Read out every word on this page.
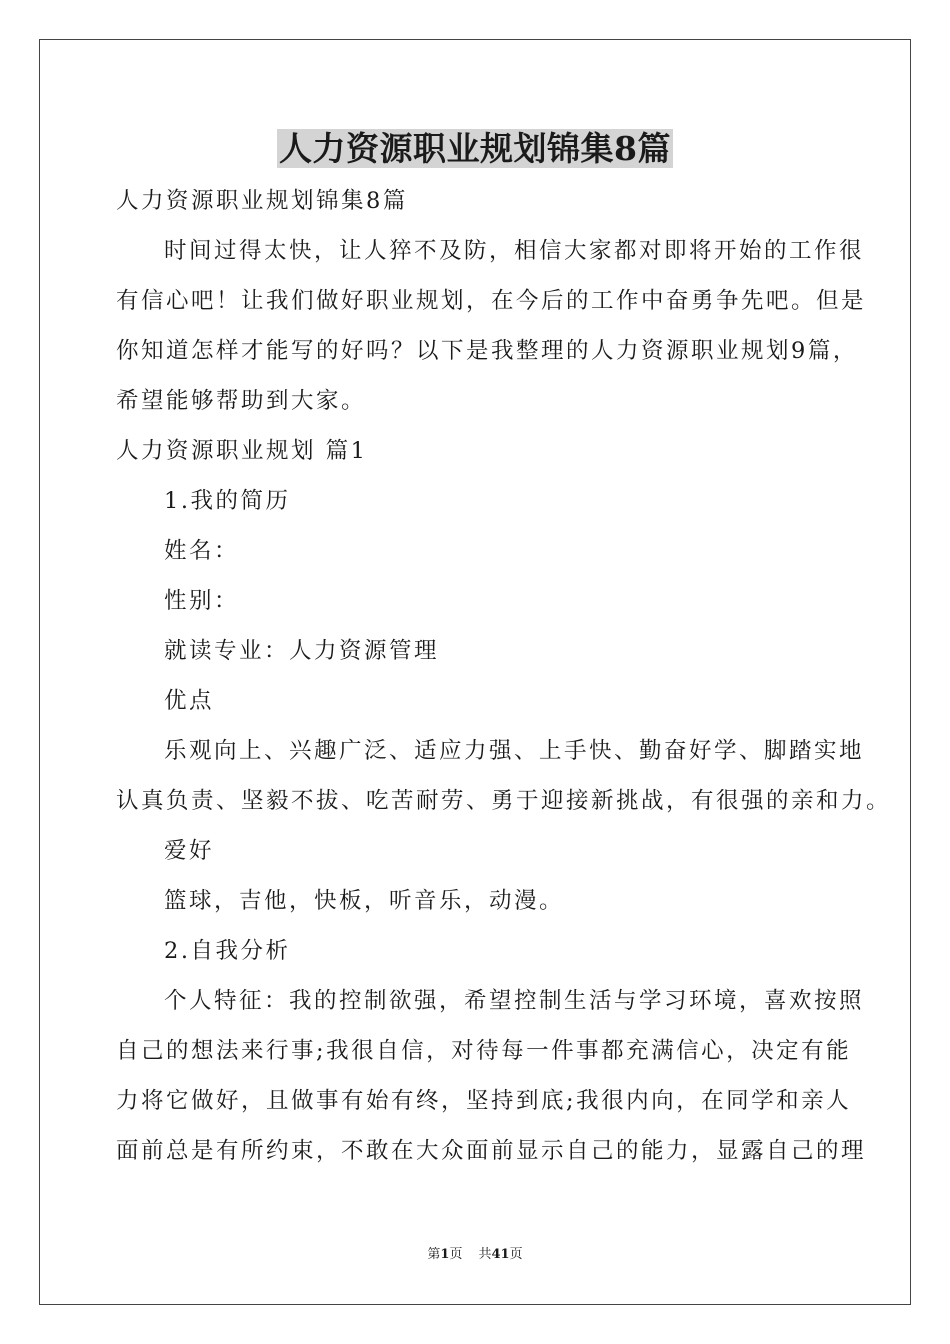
人力资源职业规划锦集8篇
人力资源职业规划锦集8篇
时间过得太快，让人猝不及防，相信大家都对即将开始的工作很
有信心吧！让我们做好职业规划，在今后的工作中奋勇争先吧。但是
你知道怎样才能写的好吗？以下是我整理的人力资源职业规划9篇，
希望能够帮助到大家。
人力资源职业规划 篇1
1.我的简历
姓名：
性别：
就读专业：人力资源管理
优点
乐观向上、兴趣广泛、适应力强、上手快、勤奋好学、脚踏实地
认真负责、坚毅不拔、吃苦耐劳、勇于迎接新挑战，有很强的亲和力。
爱好
篮球，吉他，快板，听音乐，动漫。
2.自我分析
个人特征：我的控制欲强，希望控制生活与学习环境，喜欢按照
自己的想法来行事;我很自信，对待每一件事都充满信心，决定有能
力将它做好，且做事有始有终，坚持到底;我很内向，在同学和亲人
面前总是有所约束，不敢在大众面前显示自己的能力，显露自己的理
第1页 共41页
